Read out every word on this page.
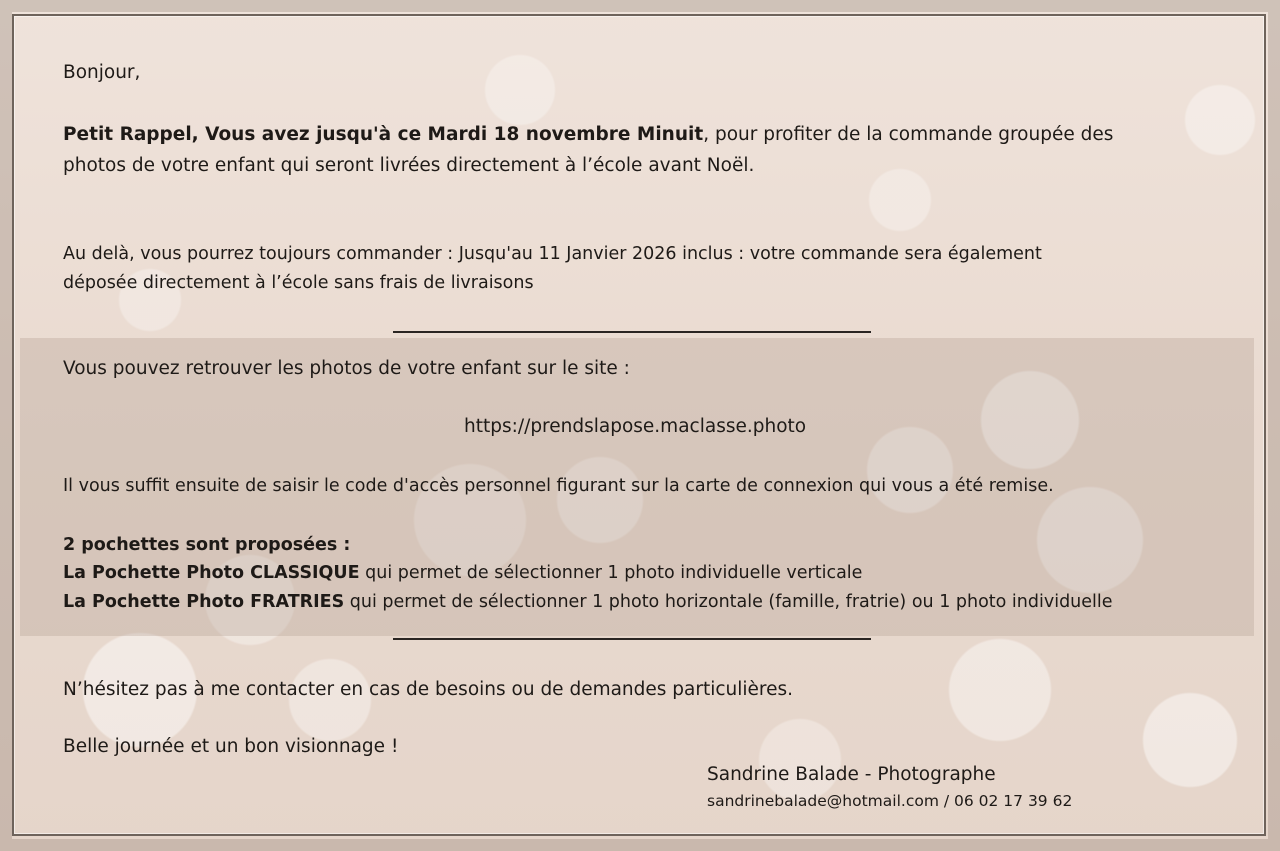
Bonjour,
Petit Rappel, Vous avez jusqu'à ce Mardi 18 novembre Minuit, pour profiter de la commande groupée des
photos de votre enfant qui seront livrées directement à l’école avant Noël.
Au delà, vous pourrez toujours commander : Jusqu'au 11 Janvier 2026 inclus : votre commande sera également
déposée directement à l’école sans frais de livraisons
Vous pouvez retrouver les photos de votre enfant sur le site :
https://prendslapose.maclasse.photo
Il vous suffit ensuite de saisir le code d'accès personnel figurant sur la carte de connexion qui vous a été remise.
2 pochettes sont proposées :
La Pochette Photo CLASSIQUE qui permet de sélectionner 1 photo individuelle verticale
La Pochette Photo FRATRIES qui permet de sélectionner 1 photo horizontale (famille, fratrie) ou 1 photo individuelle
N’hésitez pas à me contacter en cas de besoins ou de demandes particulières.
Belle journée et un bon visionnage !
Sandrine Balade - Photographe
sandrinebalade@hotmail.com / 06 02 17 39 62
